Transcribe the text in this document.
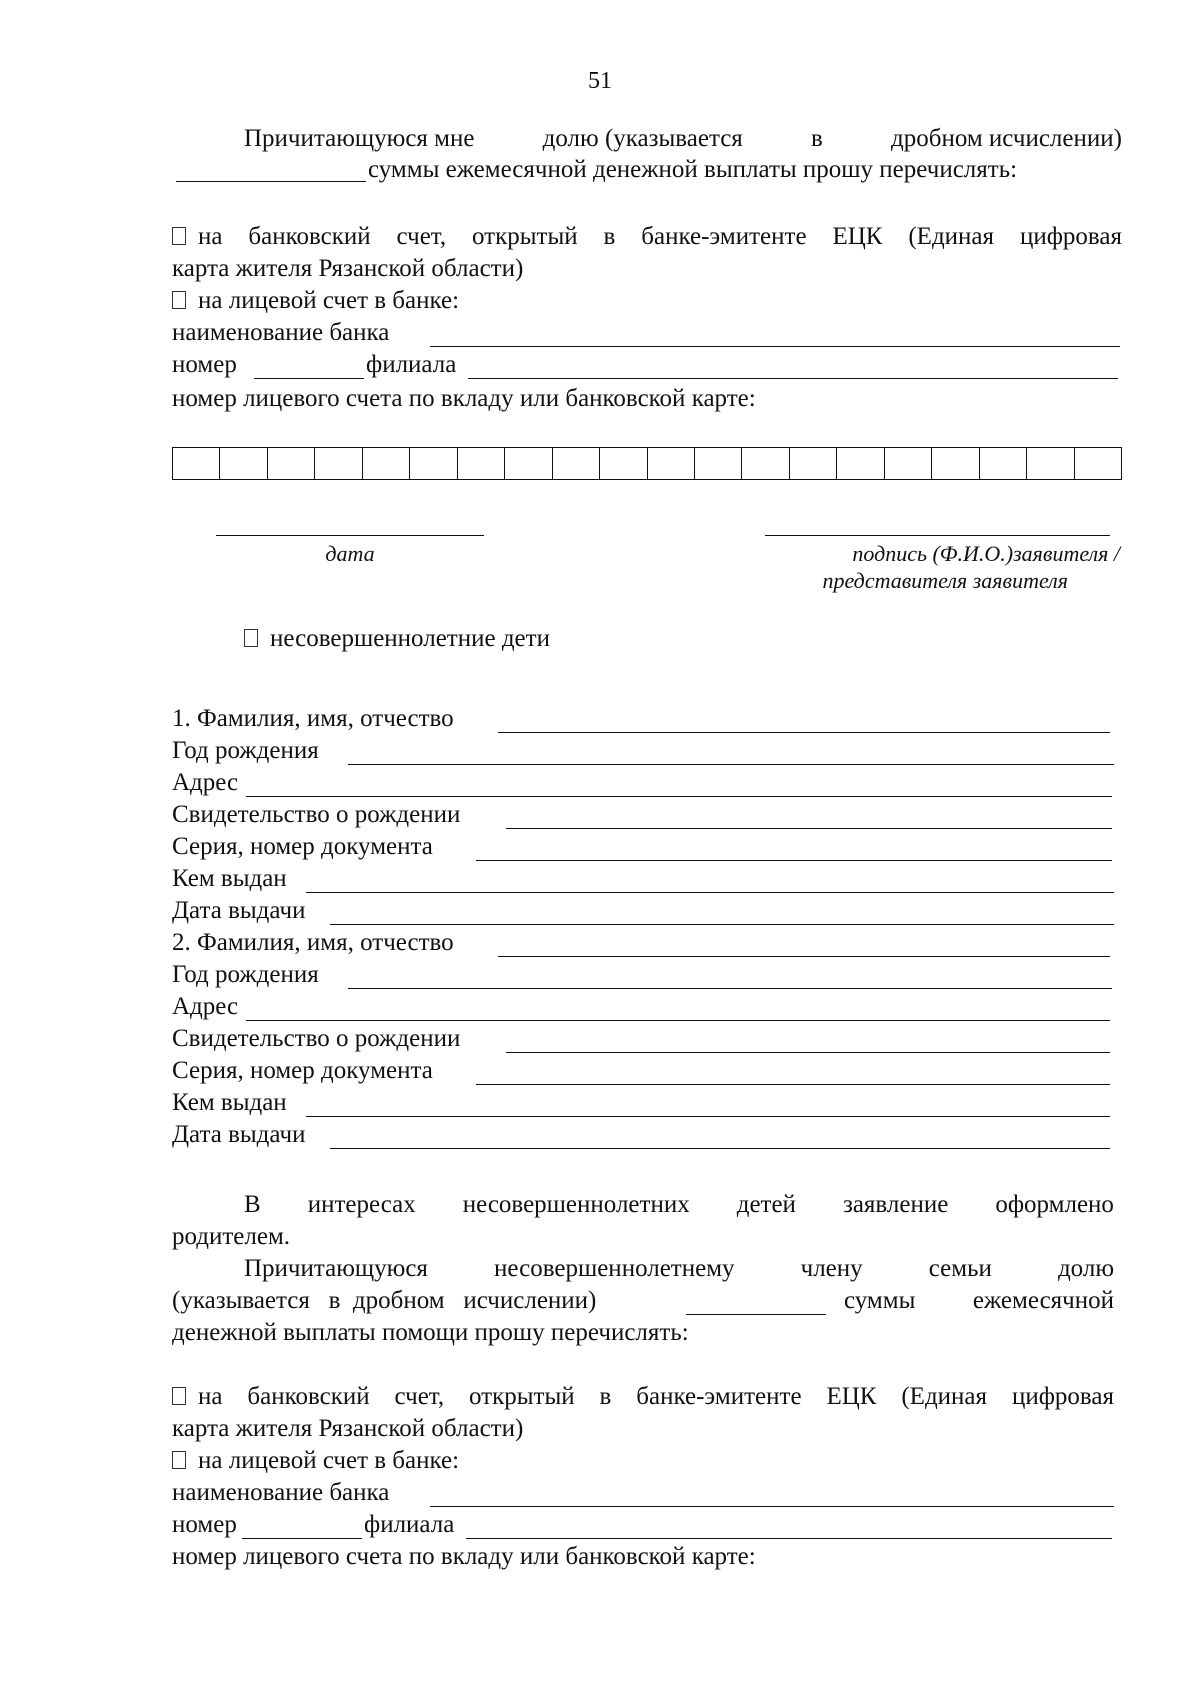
51
Причитающуюся мне	долю (указывается	в	дробном исчислении)
суммы ежемесячной денежной выплаты прошу перечислять:
на банковский счет, открытый в банке-эмитенте ЕЦК (Единая цифровая
карта жителя Рязанской области)
на лицевой счет в банке:
наименование банка
номер	филиала
номер лицевого счета по вкладу или банковской карте:
дата	подпись (Ф.И.О.)заявителя /
представителя заявителя
несовершеннолетние дети
1. Фамилия, имя, отчество
Год рождения
Адрес
Свидетельство о рождении
Серия, номер документа
Кем выдан
Дата выдачи
2. Фамилия, имя, отчество
Год рождения
Адрес
Свидетельство о рождении
Серия, номер документа
Кем выдан
Дата выдачи
В интересах несовершеннолетних детей заявление оформлено
родителем.
Причитающуюся	несовершеннолетнему	члену	семьи	долю
(указывается   в  дробном   исчислении)	суммы ежемесячной
денежной выплаты помощи прошу перечислять:
на банковский счет, открытый в банке-эмитенте ЕЦК (Единая цифровая
карта жителя Рязанской области)
на лицевой счет в банке:
наименование банка
номер	филиала
номер лицевого счета по вкладу или банковской карте:
